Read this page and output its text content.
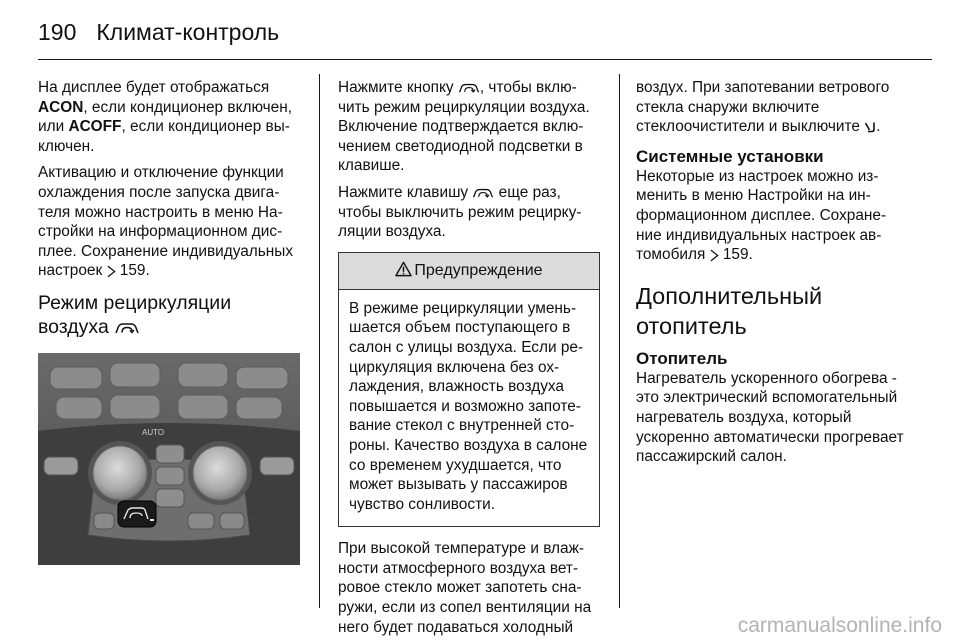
190 Климат-контроль

На дисплее будет отображаться ACON, если кондиционер включен, или ACOFF, если кондиционер выключен.

Активацию и отключение функции охлаждения после запуска двигателя можно настроить в меню Настройки на информационном дисплее. Сохранение индивидуальных настроек  159.

Режим рециркуляции воздуха
AUTO

Нажмите кнопку , чтобы включить режим рециркуляции воздуха. Включение подтверждается включением светодиодной подсветки в клавише.

Нажмите клавишу  еще раз, чтобы выключить режим рециркуляции воздуха.

Предупреждение
В режиме рециркуляции уменьшается объем поступающего в салон с улицы воздуха. Если рециркуляция включена без охлаждения, влажность воздуха повышается и возможно запотевание стекол с внутренней стороны. Качество воздуха в салоне со временем ухудшается, что может вызывать у пассажиров чувство сонливости.

При высокой температуре и влажности атмосферного воздуха ветровое стекло может запотеть снаружи, если из сопел вентиляции на него будет подаваться холодный

воздух. При запотевании ветрового стекла снаружи включите стеклоочистители и выключите .

Системные установки

Некоторые из настроек можно изменить в меню Настройки на информационном дисплее. Сохранение индивидуальных настроек автомобиля  159.

Дополнительный отопитель
Отопитель

Нагреватель ускоренного обогрева - это электрический вспомогательный нагреватель воздуха, который ускоренно автоматически прогревает пассажирский салон.

carmanualsonline.info
